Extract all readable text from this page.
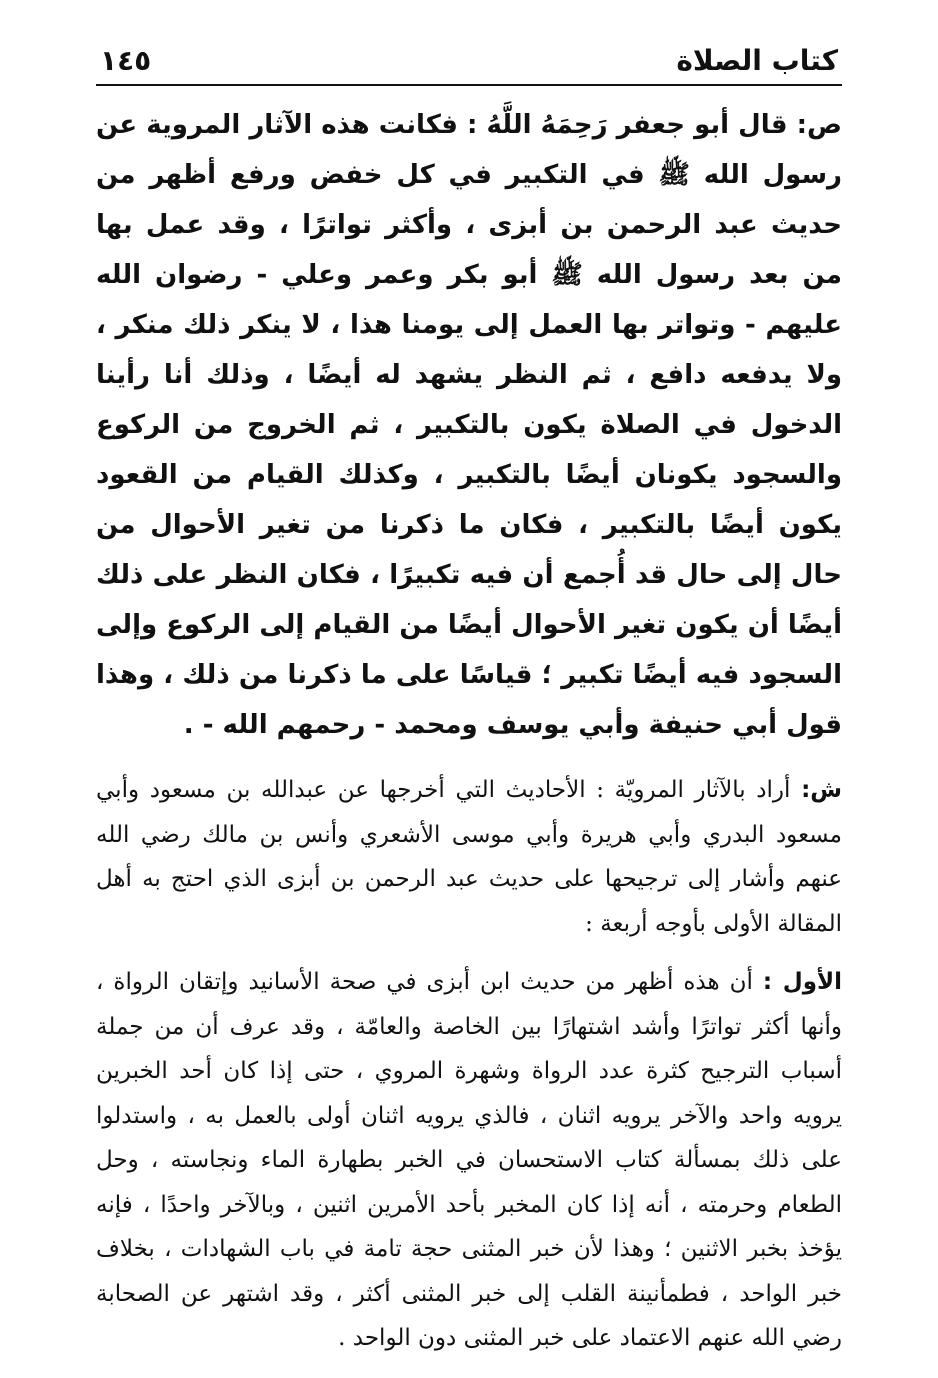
كتاب الصلاة
١٤٥

ص: قال أبو جعفر رَحِمَهُ اللَّهُ : فكانت هذه الآثار المروية عن رسول الله ﷺ في التكبير في كل خفض ورفع أظهر من حديث عبد الرحمن بن أبزى ، وأكثر تواترًا ، وقد عمل بها من بعد رسول الله ﷺ أبو بكر وعمر وعلي - رضوان الله عليهم - وتواتر بها العمل إلى يومنا هذا ، لا ينكر ذلك منكر ، ولا يدفعه دافع ، ثم النظر يشهد له أيضًا ، وذلك أنا رأينا الدخول في الصلاة يكون بالتكبير ، ثم الخروج من الركوع والسجود يكونان أيضًا بالتكبير ، وكذلك القيام من القعود يكون أيضًا بالتكبير ، فكان ما ذكرنا من تغير الأحوال من حال إلى حال قد أُجمع أن فيه تكبيرًا ، فكان النظر على ذلك أيضًا أن يكون تغير الأحوال أيضًا من القيام إلى الركوع وإلى السجود فيه أيضًا تكبير ؛ قياسًا على ما ذكرنا من ذلك ، وهذا قول أبي حنيفة وأبي يوسف ومحمد - رحمهم الله - .

ش: أراد بالآثار المرويّة : الأحاديث التي أخرجها عن عبدالله بن مسعود وأبي مسعود البدري وأبي هريرة وأبي موسى الأشعري وأنس بن مالك رضي الله عنهم وأشار إلى ترجيحها على حديث عبد الرحمن بن أبزى الذي احتج به أهل المقالة الأولى بأوجه أربعة :

الأول : أن هذه أظهر من حديث ابن أبزى في صحة الأسانيد وإتقان الرواة ، وأنها أكثر تواترًا وأشد اشتهارًا بين الخاصة والعامّة ، وقد عرف أن من جملة أسباب الترجيح كثرة عدد الرواة وشهرة المروي ، حتى إذا كان أحد الخبرين يرويه واحد والآخر يرويه اثنان ، فالذي يرويه اثنان أولى بالعمل به ، واستدلوا على ذلك بمسألة كتاب الاستحسان في الخبر بطهارة الماء ونجاسته ، وحل الطعام وحرمته ، أنه إذا كان المخبر بأحد الأمرين اثنين ، وبالآخر واحدًا ، فإنه يؤخذ بخبر الاثنين ؛ وهذا لأن خبر المثنى حجة تامة في باب الشهادات ، بخلاف خبر الواحد ، فطمأنينة القلب إلى خبر المثنى أكثر ، وقد اشتهر عن الصحابة رضي الله عنهم الاعتماد على خبر المثنى دون الواحد .
